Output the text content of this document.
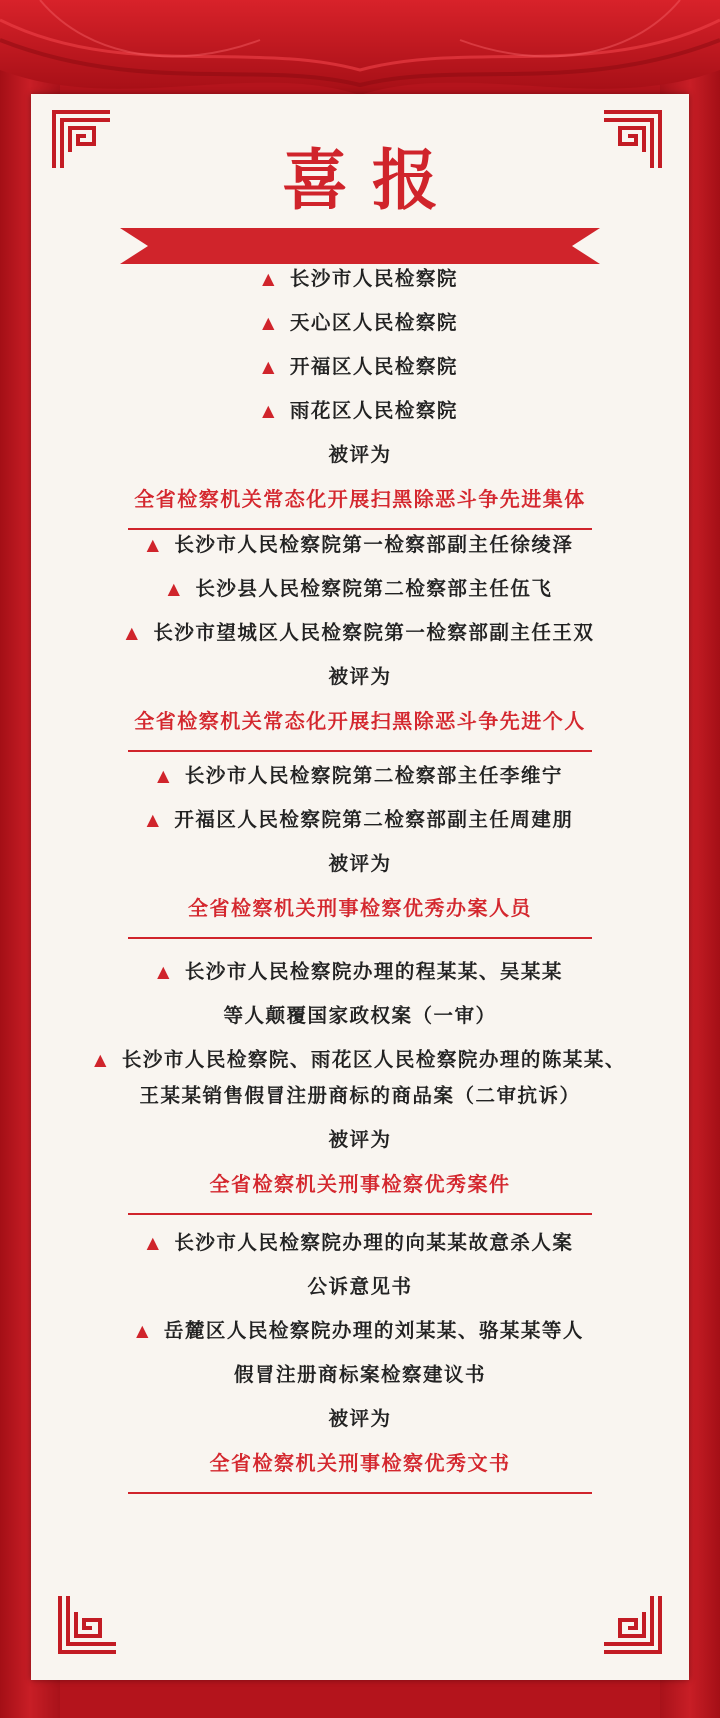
喜报
▲ 长沙市人民检察院
▲ 天心区人民检察院
▲ 开福区人民检察院
▲ 雨花区人民检察院
被评为
全省检察机关常态化开展扫黑除恶斗争先进集体
▲ 长沙市人民检察院第一检察部副主任徐绫泽
▲ 长沙县人民检察院第二检察部主任伍飞
▲ 长沙市望城区人民检察院第一检察部副主任王双
被评为
全省检察机关常态化开展扫黑除恶斗争先进个人
▲ 长沙市人民检察院第二检察部主任李维宁
▲ 开福区人民检察院第二检察部副主任周建朋
被评为
全省检察机关刑事检察优秀办案人员
▲ 长沙市人民检察院办理的程某某、吴某某
等人颠覆国家政权案（一审）
▲ 长沙市人民检察院、雨花区人民检察院办理的陈某某、
王某某销售假冒注册商标的商品案（二审抗诉）
被评为
全省检察机关刑事检察优秀案件
▲ 长沙市人民检察院办理的向某某故意杀人案
公诉意见书
▲ 岳麓区人民检察院办理的刘某某、骆某某等人
假冒注册商标案检察建议书
被评为
全省检察机关刑事检察优秀文书
